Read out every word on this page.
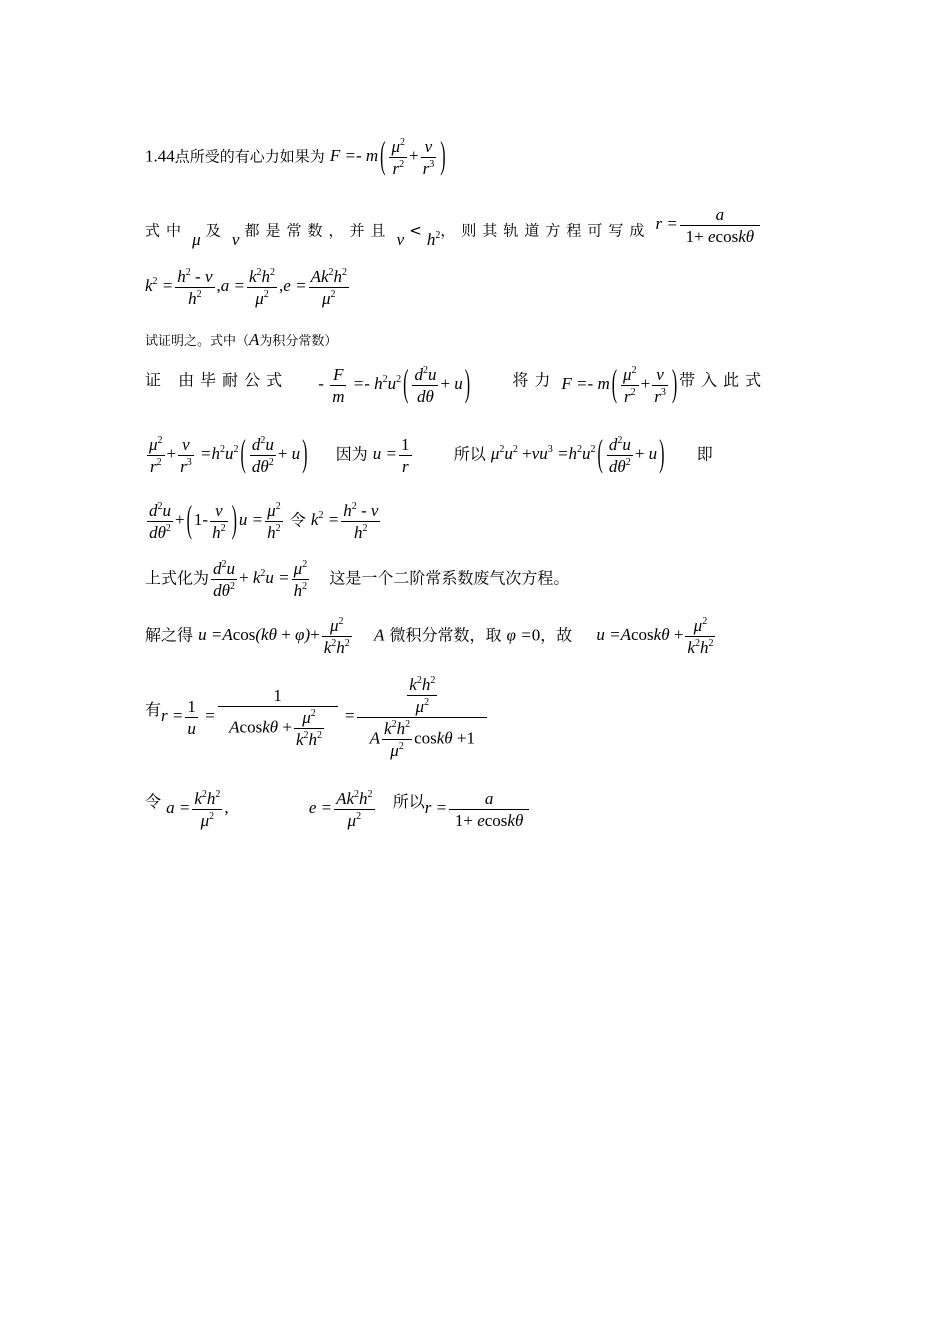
1.44点所受的有心力如果为 F =- m ( $\frac{\mu^2}{r^2} + \frac{\nu}{r^3}$ )
式中 μ 及 ν 都是常数，并且 $\nu < h^2$，则其轨道方程可写成 $r = \frac{a}{1+ ecosk\theta}$
$k^2 = \frac{h^2 - \nu}{h^2} ,a = \frac{k^2h^2}{\mu^2} ,e = \frac{Ak^2h^2}{\mu^2}$
试证明之。式中（A为积分常数）
证 由毕耐公式 - $\frac{F}{m} =- h^2u^2$ ( $\frac{d^2u}{d\theta} + u$ )	将力 F =- m ( $\frac{\mu^2}{r^2} + \frac{\nu}{r^3}$ ) 带入此式
$\frac{\mu^2}{r^2} + \frac{\nu}{r^3} =h^2u^2$ ( $\frac{d^2u}{d\theta^2} + u$ ) 因为 $u = \frac{1}{r}$	所以 $\mu^2u^2 +\nu u^3 =h^2u^2$ ( $\frac{d^2u}{d\theta^2} + u$ ) 即
$\frac{d^2u}{d\theta^2}$ + ( $1- \frac{\nu}{h^2}$ ) $u = \frac{\mu^2}{h^2}$ 令 $k^2 = \frac{h^2 - \nu}{h^2}$
上式化为 $\frac{d^2u}{d\theta^2} + k^2u = \frac{\mu^2}{h^2}$ 这是一个二阶常系数废气次方程。
解之得 $u =Acos(k\theta + \varphi)+ \frac{\mu^2}{k^2h^2}$ A 微积分常数，取 φ =0，故 $u =Acosk\theta + \frac{\mu^2}{k^2h^2}$
有$r = \frac{1}{u} = \frac{1}{Acosk\theta + \frac{\mu^2}{k^2h^2}} = \frac{\frac{k^2h^2}{\mu^2}}{A \frac{k^2h^2}{\mu^2} \cos k\theta +1}$
令 $a = \frac{k^2h^2}{\mu^2}$ ,	$e = \frac{Ak^2h^2}{\mu^2}$ 所以$r = \frac{a}{1+ ecosk\theta}$
